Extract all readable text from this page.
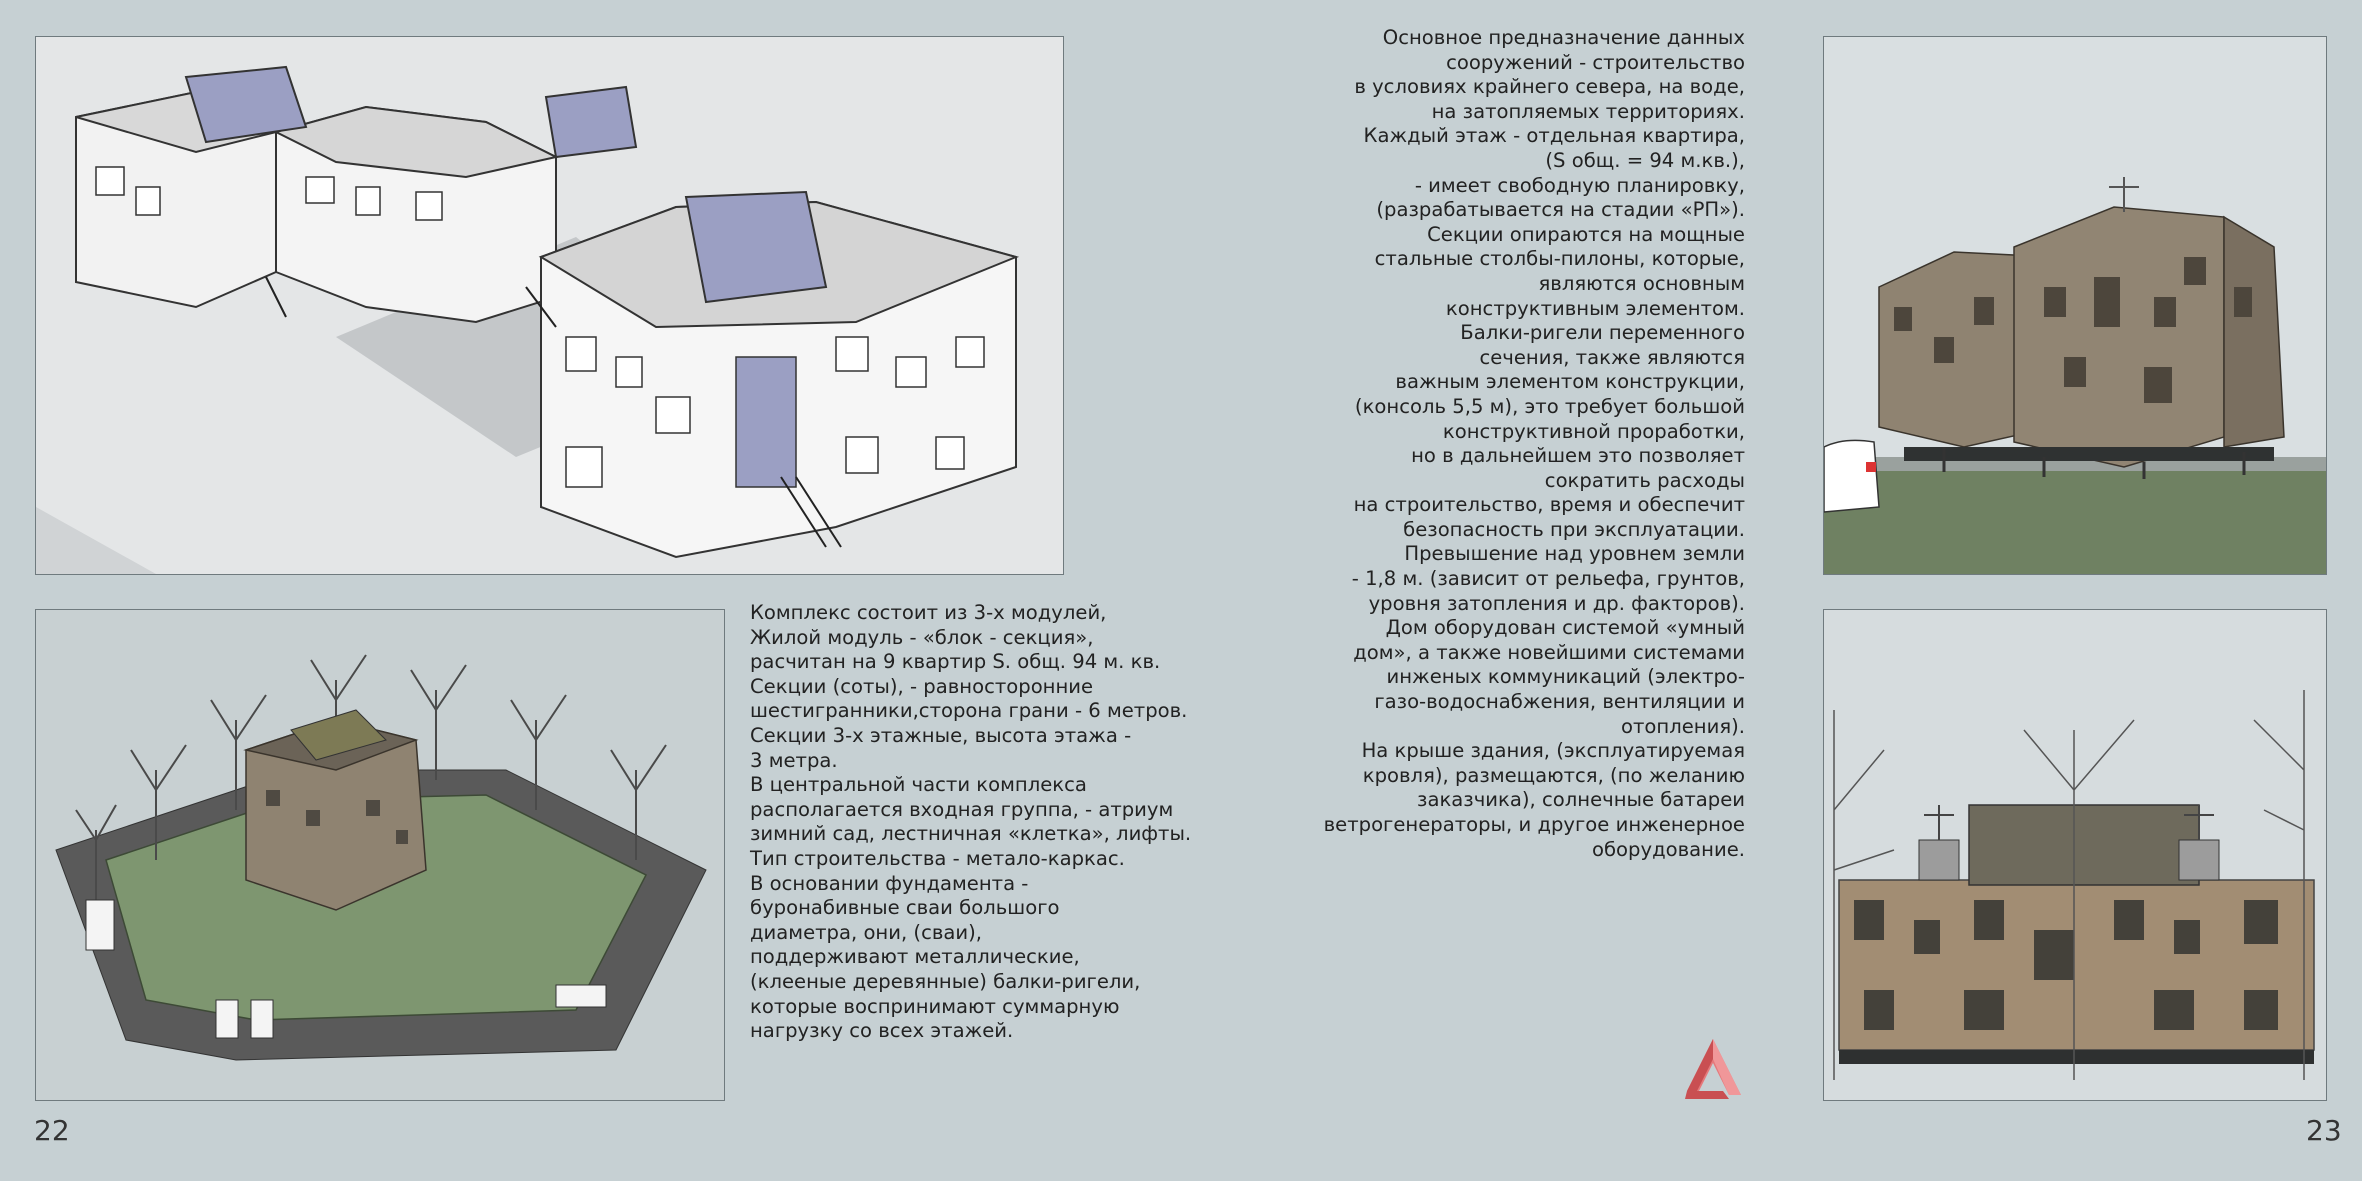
Комплекс состоит из 3-х модулей,
Жилой модуль - «блок - секция»,
расчитан на 9 квартир S. общ. 94 м. кв.
Секции (соты), - равносторонние
шестигранники,сторона грани - 6 метров.
Секции 3-х этажные, высота этажа -
3 метра.
В центральной части комплекса
располагается входная группа, - атриум
зимний сад, лестничная «клетка», лифты.
Тип строительства - метало-каркас.
В основании фундамента -
буронабивные сваи большого
диаметра, они, (сваи),
поддерживают металлические,
(клееные деревянные) балки-ригели,
которые воспринимают суммарную
нагрузку со всех этажей.
Основное предназначение данных
сооружений - строительство
в условиях крайнего севера, на воде,
на затопляемых территориях.
Каждый этаж - отдельная квартира,
(S общ. = 94 м.кв.),
- имеет свободную планировку,
(разрабатывается на стадии «РП»).
Секции опираются на мощные
стальные столбы-пилоны, которые,
являются основным
конструктивным элементом.
Балки-ригели переменного
сечения, также являются
важным элементом конструкции,
(консоль 5,5 м), это требует большой
конструктивной проработки,
но в дальнейшем это позволяет
сократить расходы
на строительство, время и обеспечит
безопасность при эксплуатации.
Превышение над уровнем земли
- 1,8 м. (зависит от рельефа, грунтов,
уровня затопления и др. факторов).
Дом оборудован системой «умный
дом», а также новейшими системами
инженых коммуникаций (электро-
газо-водоснабжения, вентиляции и
отопления).
На крыше здания, (эксплуатируемая
кровля), размещаются, (по желанию
заказчика), солнечные батареи
ветрогенераторы, и другое инженерное
оборудование.
22	23
